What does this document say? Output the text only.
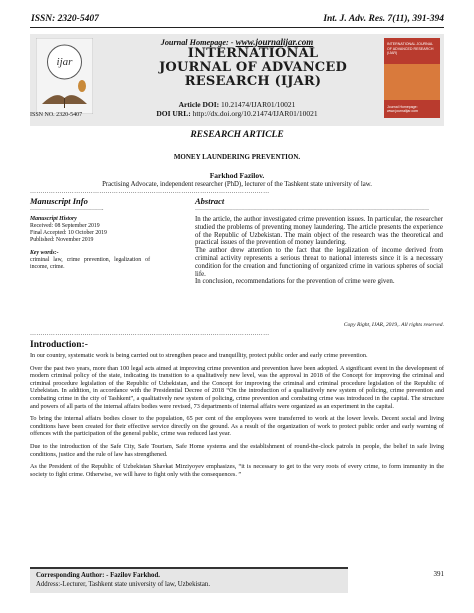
ISSN: 2320-5407	Int. J. Adv. Res. 7(11), 391-394
ijar
ISSN NO. 2320-5407
Journal Homepage: - www.journalijar.com
INTERNATIONAL JOURNAL OF ADVANCED RESEARCH (IJAR)
Article DOI: 10.21474/IJAR01/10021
DOI URL: http://dx.doi.org/10.21474/IJAR01/10021
INTERNATIONAL JOURNAL OF ADVANCED RESEARCH (IJAR)
Journal Homepage: www.journalijar.com
RESEARCH ARTICLE
MONEY LAUNDERING PREVENTION.
Farkhod Fazilov.
Practising Advocate, independent researcher (PhD), lecturer of the Tashkent state university of law.
……………………………………………………………………………………………………
Manuscript Info	Abstract
……………………………….	………………………………………………………………………………………………………
Manuscript History
Received: 08 September 2019
Final Accepted: 10 October 2019
Published: November 2019
Key words:-
criminal law, crime prevention, legalization of income, crime.

In the article, the author investigated crime prevention issues. In particular, the researcher studied the problems of preventing money laundering. The article presents the experience of the Republic of Uzbekistan. The main object of the research was the theoretical and practical issues of the prevention of money laundering.

The author drew attention to the fact that the legalization of income derived from criminal activity represents a serious threat to national interests since it is a necessary condition for the creation and functioning of organized crime in various spheres of social life.

In conclusion, recommendations for the prevention of crime were given.

Copy Right, IJAR, 2019,. All rights reserved.
……………………………………………………………………………………………………
Introduction:-

In our country, systematic work is being carried out to strengthen peace and tranquillity, protect public order and early crime prevention.

Over the past two years, more than 100 legal acts aimed at improving crime prevention and prevention have been adopted. A significant event in the development of modern criminal policy of the state, indicating its transition to a qualitatively new level, was the approval in 2018 of the Concept for improving the criminal and criminal procedure legislation of the Republic of Uzbekistan, and the Concept for improving the criminal and criminal procedure legislation of the Republic of Uzbekistan. In addition, in accordance with the Presidential Decree of 2018 “On the introduction of a qualitatively new system of policing, crime prevention and combating crime in the city of Tashkent”, a qualitatively new system of policing, crime prevention and combating crime was introduced in the capital. The structure and powers of all parts of the internal affairs bodies were revised, 73 departments of internal affairs were organized as an experiment in the capital.

To bring the internal affairs bodies closer to the population, 65 per cent of the employees were transferred to work at the lower levels. Decent social and living conditions have been created for their effective service directly on the ground. As a result of the organization of work to protect public order and early warning of offences with the participation of the general public, crime was reduced last year.

Due to the introduction of the Safe City, Safe Tourism, Safe Home systems and the establishment of round-the-clock patrols in people, the belief in safe living conditions, justice and the rule of law has strengthened.

As the President of the Republic of Uzbekistan Shavkat Mirziyoyev emphasizes, “it is necessary to get to the very roots of every crime, to form immunity in the society to fight crime. Otherwise, we will have to fight only with the consequences. ”

Corresponding Author: - Fazilov Farkhod.
Address:-Lecturer, Tashkent state university of law, Uzbekistan.
391
